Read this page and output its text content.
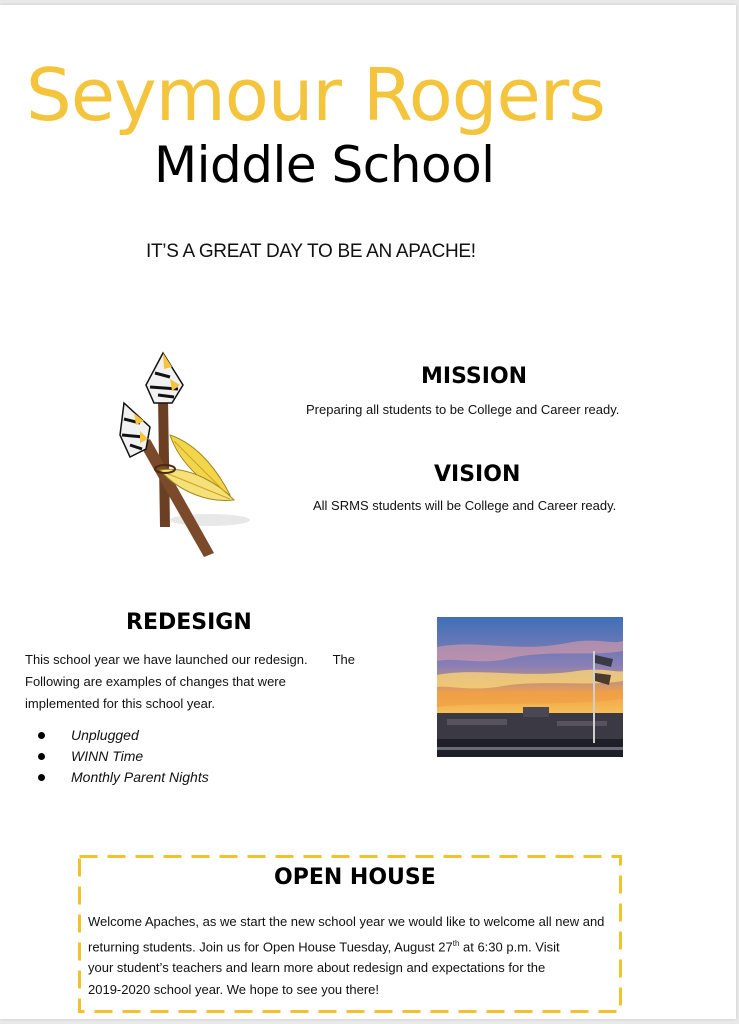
Seymour Rogers
Middle School
IT’S A GREAT DAY TO BE AN APACHE!
MISSION
Preparing all students to be College and Career ready.
VISION
All SRMS students will be College and Career ready.
REDESIGN
This school year we have launched our redesign.       The
Following are examples of changes that were
implemented for this school year.
Unplugged
WINN Time
Monthly Parent Nights
OPEN HOUSE
Welcome Apaches, as we start the new school year we would like to welcome all new and
returning students. Join us for Open House Tuesday, August 27th at 6:30 p.m. Visit
your student’s teachers and learn more about redesign and expectations for the
2019-2020 school year. We hope to see you there!
